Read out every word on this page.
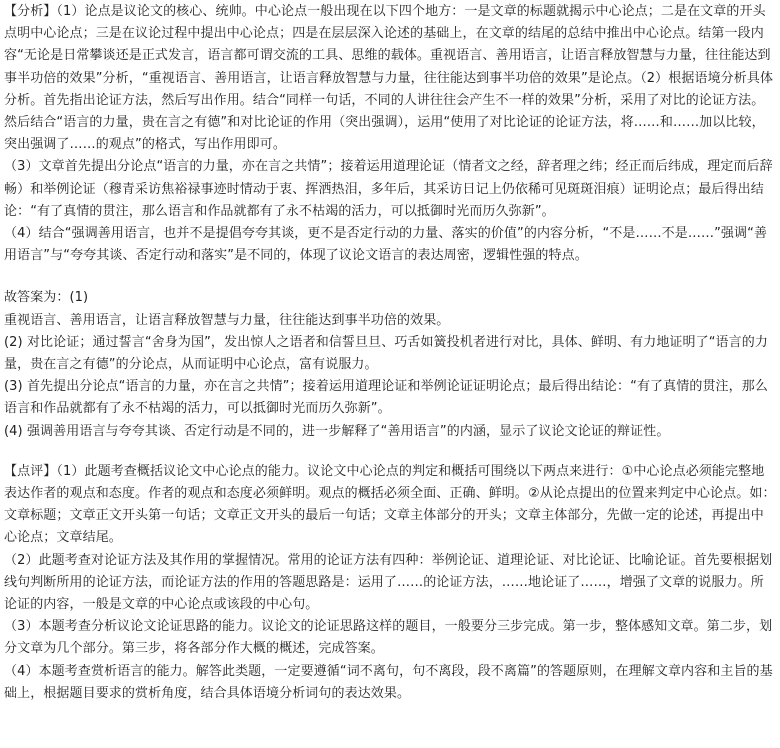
【分析】（1）论点是议论文的核心、统帅。中心论点一般出现在以下四个地方：一是文章的标题就揭示中心论点；二是在文章的开头点明中心论点；三是在议论过程中提出中心论点；四是在层层深入论述的基础上，在文章的结尾的总结中推出中心论点。结第一段内容“无论是日常攀谈还是正式发言，语言都可谓交流的工具、思维的载体。重视语言、善用语言，让语言释放智慧与力量，往往能达到事半功倍的效果”分析，“重视语言、善用语言，让语言释放智慧与力量，往往能达到事半功倍的效果”是论点。（2）根据语境分析具体分析。首先指出论证方法，然后写出作用。结合“同样一句话，不同的人讲往往会产生不一样的效果”分析，采用了对比的论证方法。然后结合“语言的力量，贵在言之有德”和对比论证的作用（突出强调），运用“使用了对比论证的论证方法，将……和……加以比较，突出强调了……的观点”的格式，写出作用即可。

（3）文章首先提出分论点“语言的力量，亦在言之共情”；接着运用道理论证（情者文之经，辞者理之纬；经正而后纬成，理定而后辞畅）和举例论证（穆青采访焦裕禄事迹时情动于衷、挥洒热泪，多年后，其采访日记上仍依稀可见斑斑泪痕）证明论点；最后得出结论：“有了真情的贯注，那么语言和作品就都有了永不枯竭的活力，可以抵御时光而历久弥新”。

（4）结合“强调善用语言，也并不是提倡夸夸其谈，更不是否定行动的力量、落实的价值”的内容分析，“不是……不是……”强调“善用语言”与“夸夸其谈、否定行动和落实”是不同的，体现了议论文语言的表达周密，逻辑性强的特点。

故答案为：(1)

重视语言、善用语言，让语言释放智慧与力量，往往能达到事半功倍的效果。

(2) 对比论证；通过誓言“舍身为国”，发出惊人之语者和信誓旦旦、巧舌如簧投机者进行对比，具体、鲜明、有力地证明了“语言的力量，贵在言之有德”的分论点，从而证明中心论点，富有说服力。

(3) 首先提出分论点“语言的力量，亦在言之共情”；接着运用道理论证和举例论证证明论点；最后得出结论：“有了真情的贯注，那么语言和作品就都有了永不枯竭的活力，可以抵御时光而历久弥新”。

(4) 强调善用语言与夸夸其谈、否定行动是不同的，进一步解释了“善用语言”的内涵，显示了议论文论证的辩证性。

【点评】（1）此题考查概括议论文中心论点的能力。议论文中心论点的判定和概括可围绕以下两点来进行：①中心论点必须能完整地表达作者的观点和态度。作者的观点和态度必须鲜明。观点的概括必须全面、正确、鲜明。②从论点提出的位置来判定中心论点。如：文章标题；文章正文开头第一句话；文章正文开头的最后一句话；文章主体部分的开头；文章主体部分，先做一定的论述，再提出中心论点；文章结尾。

（2）此题考查对论证方法及其作用的掌握情况。常用的论证方法有四种：举例论证、道理论证、对比论证、比喻论证。首先要根据划线句判断所用的论证方法，而论证方法的作用的答题思路是：运用了……的论证方法，……地论证了……，增强了文章的说服力。所论证的内容，一般是文章的中心论点或该段的中心句。

（3）本题考查分析议论文论证思路的能力。议论文的论证思路这样的题目，一般要分三步完成。第一步，整体感知文章。第二步，划分文章为几个部分。第三步，将各部分作大概的概述，完成答案。

（4）本题考查赏析语言的能力。解答此类题，一定要遵循“词不离句，句不离段，段不离篇”的答题原则，在理解文章内容和主旨的基础上，根据题目要求的赏析角度，结合具体语境分析词句的表达效果。
